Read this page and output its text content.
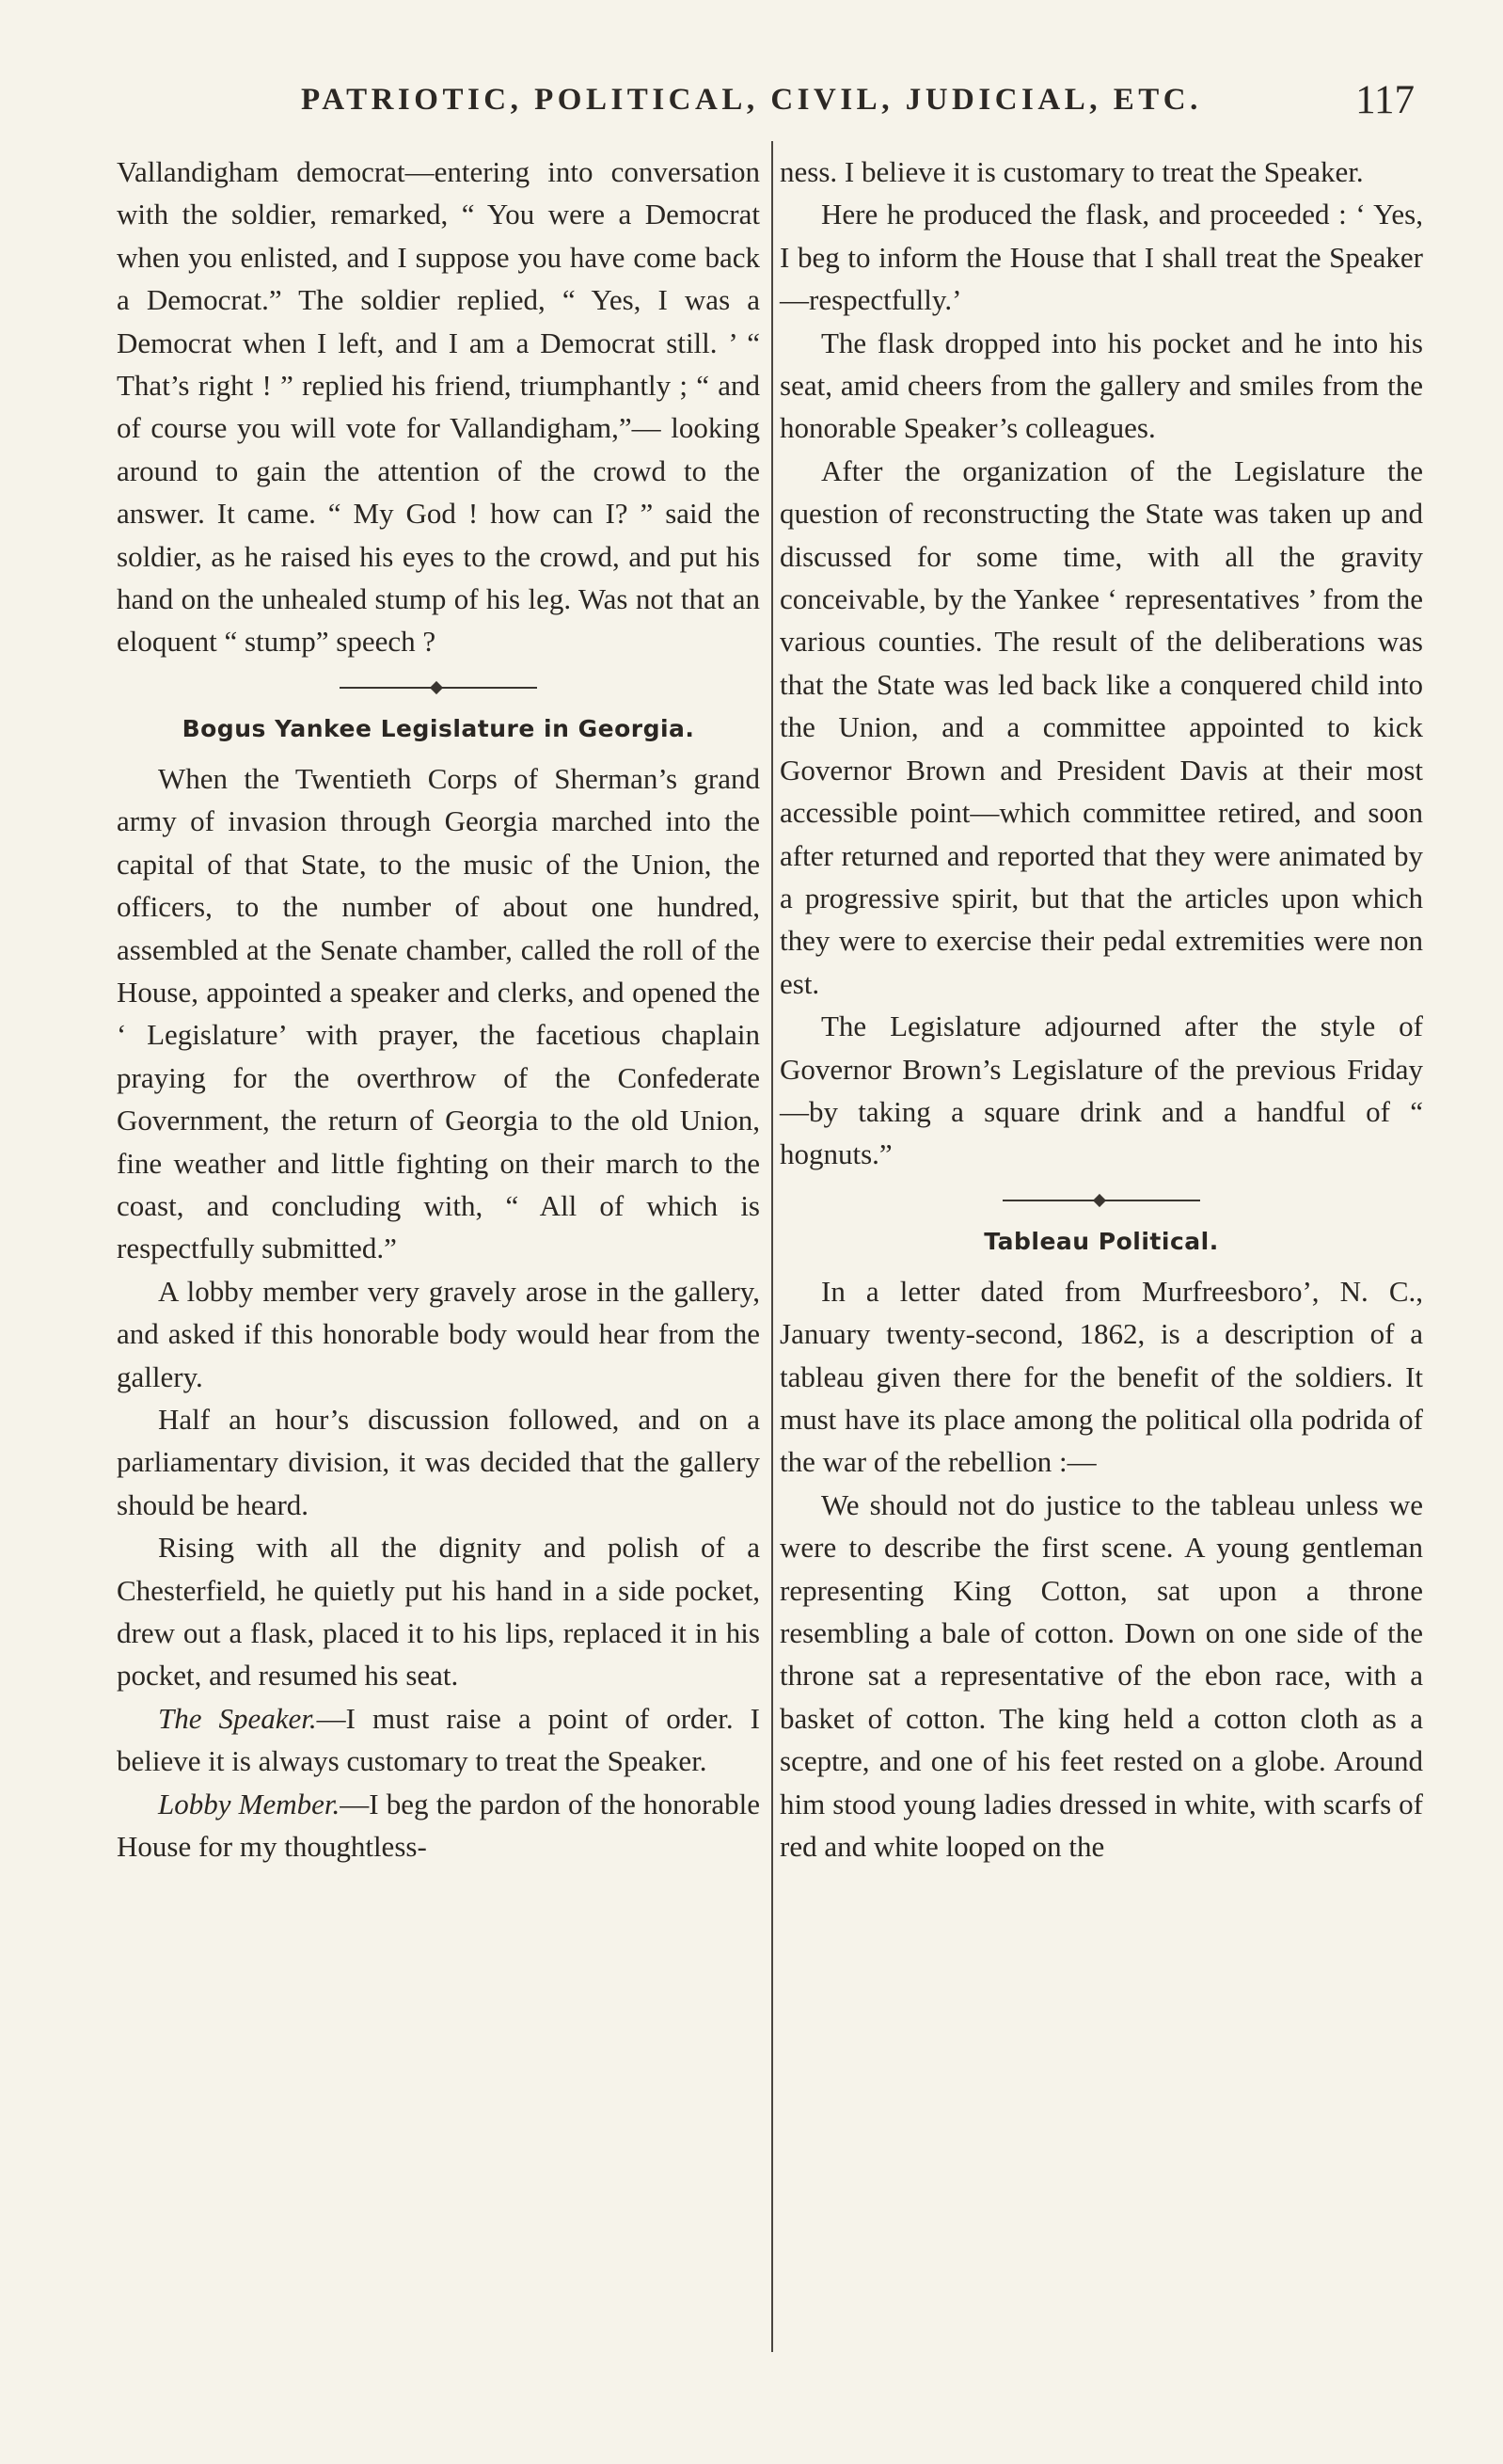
PATRIOTIC, POLITICAL, CIVIL, JUDICIAL, ETC.	117

Vallandigham democrat—entering into conversation with the soldier, remarked, “ You were a Democrat when you enlisted, and I suppose you have come back a Democrat.” The soldier replied, “ Yes, I was a Democrat when I left, and I am a Democrat still. ’ “ That’s right ! ” replied his friend, triumphantly ; “ and of course you will vote for Vallandigham,”— looking around to gain the attention of the crowd to the answer. It came. “ My God ! how can I? ” said the soldier, as he raised his eyes to the crowd, and put his hand on the unhealed stump of his leg. Was not that an eloquent “ stump” speech ?

Bogus Yankee Legislature in Georgia.

When the Twentieth Corps of Sherman’s grand army of invasion through Georgia marched into the capital of that State, to the music of the Union, the officers, to the number of about one hundred, assembled at the Senate chamber, called the roll of the House, appointed a speaker and clerks, and opened the ‘ Legislature’ with prayer, the facetious chaplain praying for the overthrow of the Confederate Government, the return of Georgia to the old Union, fine weather and little fighting on their march to the coast, and concluding with, “ All of which is respectfully submitted.”

A lobby member very gravely arose in the gallery, and asked if this honorable body would hear from the gallery.

Half an hour’s discussion followed, and on a parliamentary division, it was decided that the gallery should be heard.

Rising with all the dignity and polish of a Chesterfield, he quietly put his hand in a side pocket, drew out a flask, placed it to his lips, replaced it in his pocket, and resumed his seat.

The Speaker.—I must raise a point of order. I believe it is always customary to treat the Speaker.

Lobby Member.—I beg the pardon of the honorable House for my thoughtless-

ness. I believe it is customary to treat the Speaker.

Here he produced the flask, and proceeded : ‘ Yes, I beg to inform the House that I shall treat the Speaker—respectfully.’

The flask dropped into his pocket and he into his seat, amid cheers from the gallery and smiles from the honorable Speaker’s colleagues.

After the organization of the Legislature the question of reconstructing the State was taken up and discussed for some time, with all the gravity conceivable, by the Yankee ‘ representatives ’ from the various counties. The result of the deliberations was that the State was led back like a conquered child into the Union, and a committee appointed to kick Governor Brown and President Davis at their most accessible point—which committee retired, and soon after returned and reported that they were animated by a progressive spirit, but that the articles upon which they were to exercise their pedal extremities were non est.

The Legislature adjourned after the style of Governor Brown’s Legislature of the previous Friday—by taking a square drink and a handful of “ hognuts.”

Tableau Political.

In a letter dated from Murfreesboro’, N. C., January twenty-second, 1862, is a description of a tableau given there for the benefit of the soldiers. It must have its place among the political olla podrida of the war of the rebellion :—

We should not do justice to the tableau unless we were to describe the first scene. A young gentleman representing King Cotton, sat upon a throne resembling a bale of cotton. Down on one side of the throne sat a representative of the ebon race, with a basket of cotton. The king held a cotton cloth as a sceptre, and one of his feet rested on a globe. Around him stood young ladies dressed in white, with scarfs of red and white looped on the
